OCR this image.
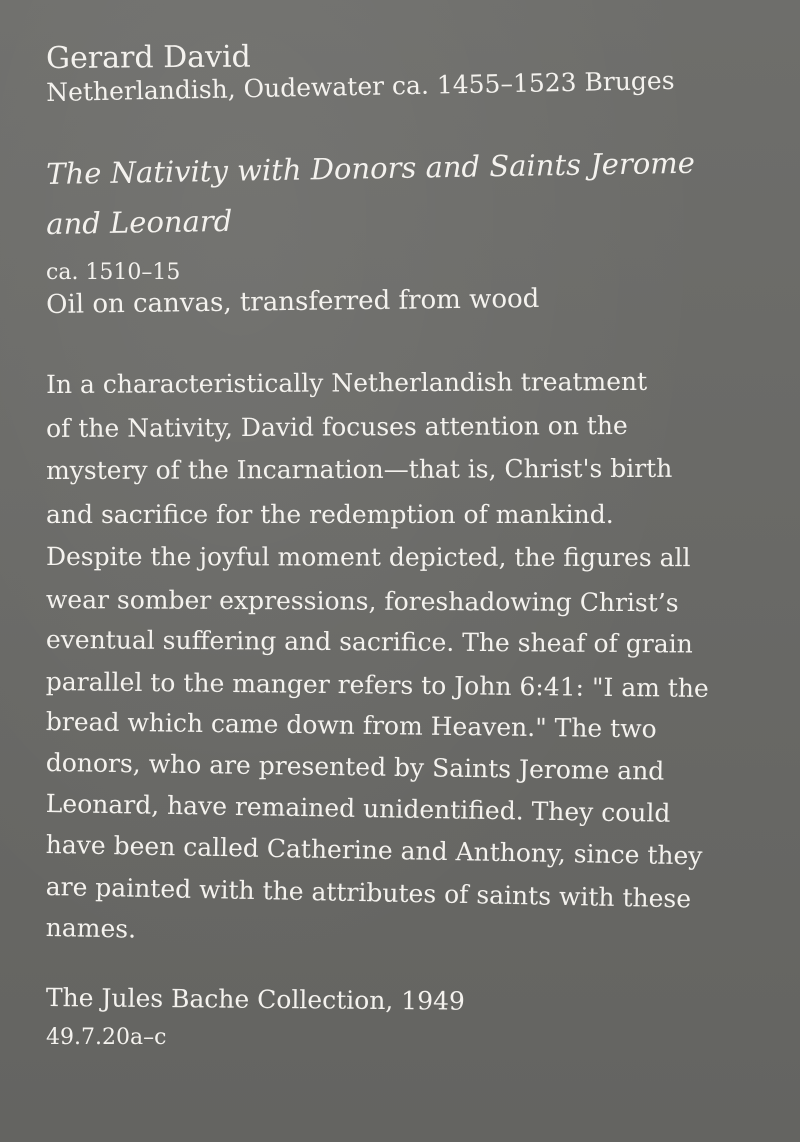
Gerard David

Netherlandish, Oudewater ca. 1455–1523 Bruges

The Nativity with Donors and Saints Jerome

and Leonard

ca. 1510–15

Oil on canvas, transferred from wood

In a characteristically Netherlandish treatment

of the Nativity, David focuses attention on the

mystery of the Incarnation—that is, Christ's birth

and sacrifice for the redemption of mankind.

Despite the joyful moment depicted, the figures all

wear somber expressions, foreshadowing Christ’s

eventual suffering and sacrifice. The sheaf of grain

parallel to the manger refers to John 6:41: "I am the

bread which came down from Heaven." The two

donors, who are presented by Saints Jerome and

Leonard, have remained unidentified. They could

have been called Catherine and Anthony, since they

are painted with the attributes of saints with these

names.

The Jules Bache Collection, 1949

49.7.20a–c
